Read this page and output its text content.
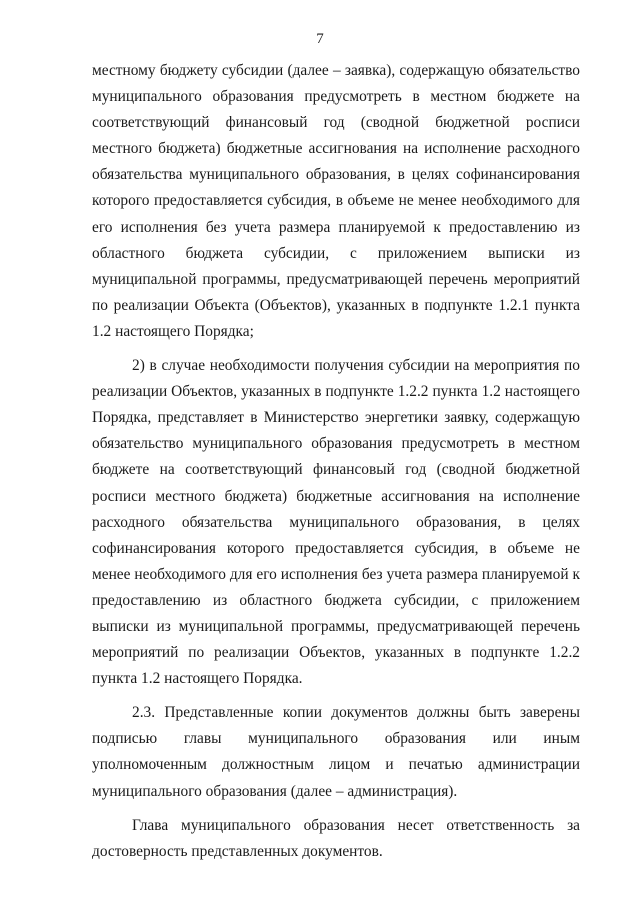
7

местному бюджету субсидии (далее – заявка), содержащую обязательство муниципального образования предусмотреть в местном бюджете на соответствующий финансовый год (сводной бюджетной росписи местного бюджета) бюджетные ассигнования на исполнение расходного обязательства муниципального образования, в целях софинансирования которого предоставляется субсидия, в объеме не менее необходимого для его исполнения без учета размера планируемой к предоставлению из областного бюджета субсидии, с приложением выписки из муниципальной программы, предусматривающей перечень мероприятий по реализации Объекта (Объектов), указанных в подпункте 1.2.1 пункта 1.2 настоящего Порядка;

2) в случае необходимости получения субсидии на мероприятия по реализации Объектов, указанных в подпункте 1.2.2 пункта 1.2 настоящего Порядка, представляет в Министерство энергетики заявку, содержащую обязательство муниципального образования предусмотреть в местном бюджете на соответствующий финансовый год (сводной бюджетной росписи местного бюджета) бюджетные ассигнования на исполнение расходного обязательства муниципального образования, в целях софинансирования которого предоставляется субсидия, в объеме не менее необходимого для его исполнения без учета размера планируемой к предоставлению из областного бюджета субсидии, с приложением выписки из муниципальной программы, предусматривающей перечень мероприятий по реализации Объектов, указанных в подпункте 1.2.2 пункта 1.2 настоящего Порядка.

2.3. Представленные копии документов должны быть заверены подписью главы муниципального образования или иным уполномоченным должностным лицом и печатью администрации муниципального образования (далее – администрация).

Глава муниципального образования несет ответственность за достоверность представленных документов.
